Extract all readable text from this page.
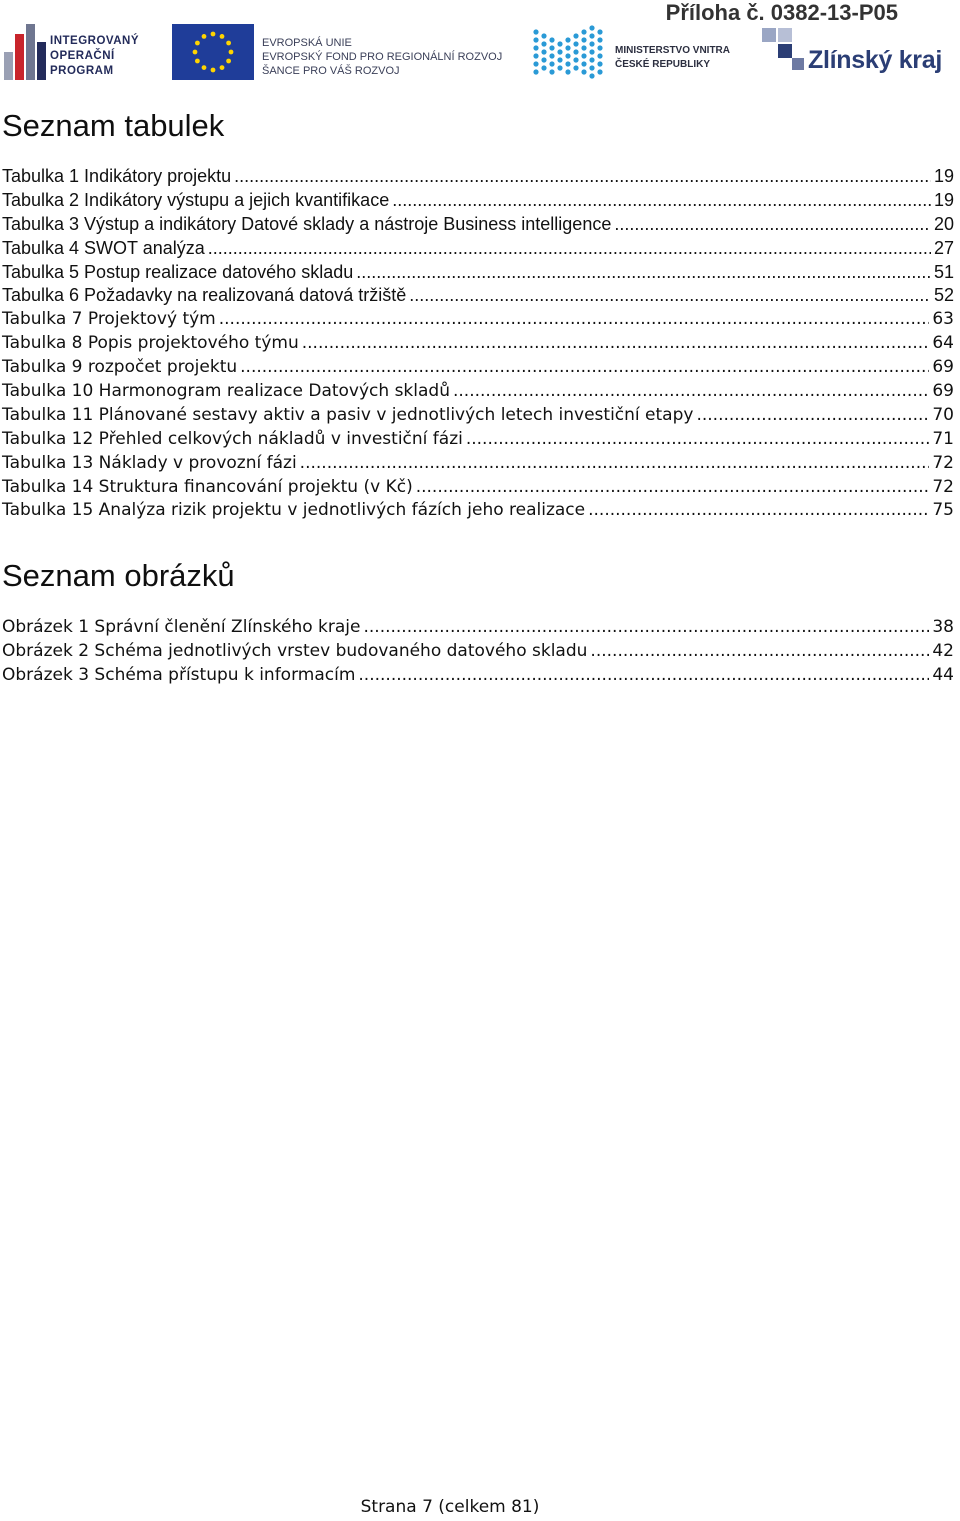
Příloha č. 0382-13-P05
INTEGROVANÝ
OPERAČNÍ
PROGRAM
EVROPSKÁ UNIE
EVROPSKÝ FOND PRO REGIONÁLNÍ ROZVOJ
ŠANCE PRO VÁŠ ROZVOJ
MINISTERSTVO VNITRA
ČESKÉ REPUBLIKY	Zlínský kraj
Seznam tabulek
Tabulka 1 Indikátory projektu .....	19
Tabulka 2 Indikátory výstupu a jejich kvantifikace .....	19
Tabulka 3 Výstup a indikátory Datové sklady a nástroje Business intelligence .....	20
Tabulka 4 SWOT analýza .....	27
Tabulka 5 Postup realizace datového skladu .....	51
Tabulka 6 Požadavky na realizovaná datová tržiště .....	52
Tabulka 7 Projektový tým .....	63
Tabulka 8 Popis projektového týmu .....	64
Tabulka 9 rozpočet projektu .....	69
Tabulka 10 Harmonogram realizace Datových skladů .....	69
Tabulka 11 Plánované sestavy aktiv a pasiv v jednotlivých letech investiční etapy .....	70
Tabulka 12 Přehled celkových nákladů v investiční fázi .....	71
Tabulka 13 Náklady v provozní fázi .....	72
Tabulka 14 Struktura financování projektu (v Kč) .....	72
Tabulka 15 Analýza rizik projektu v jednotlivých fázích jeho realizace .....	75
Seznam obrázků
Obrázek 1 Správní členění Zlínského kraje .....	38
Obrázek 2 Schéma jednotlivých vrstev budovaného datového skladu .....	42
Obrázek 3 Schéma přístupu k informacím .....	44
Strana 7 (celkem 81)
